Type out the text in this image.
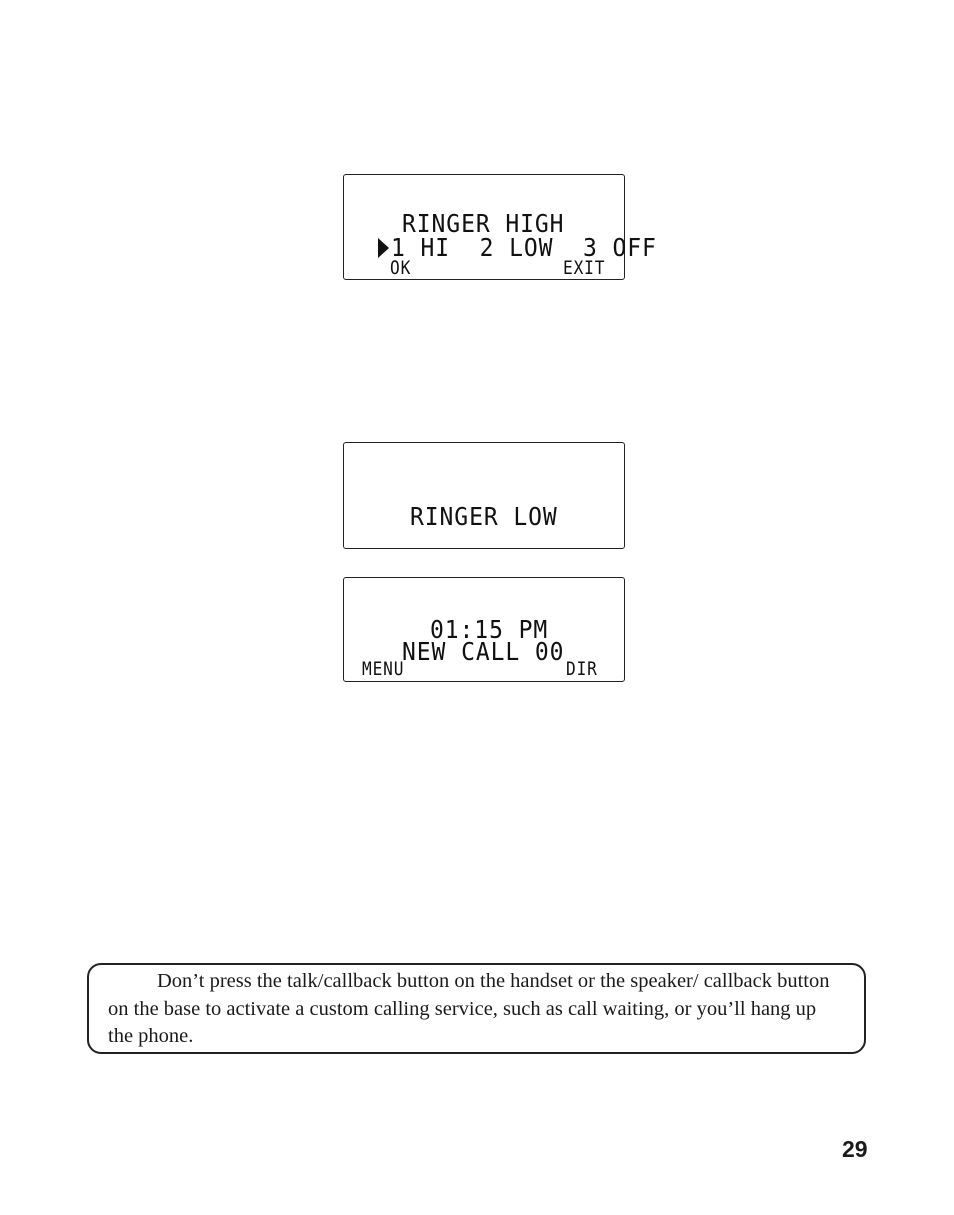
RINGER HIGH
1 HI  2 LOW  3 OFF
OK	EXIT
RINGER LOW
01:15 PM
NEW CALL 00
MENU	DIR

Don’t press the talk/callback button on the handset or the speaker/ callback button on the base to activate a custom calling service, such as call waiting, or you’ll hang up the phone.

29
